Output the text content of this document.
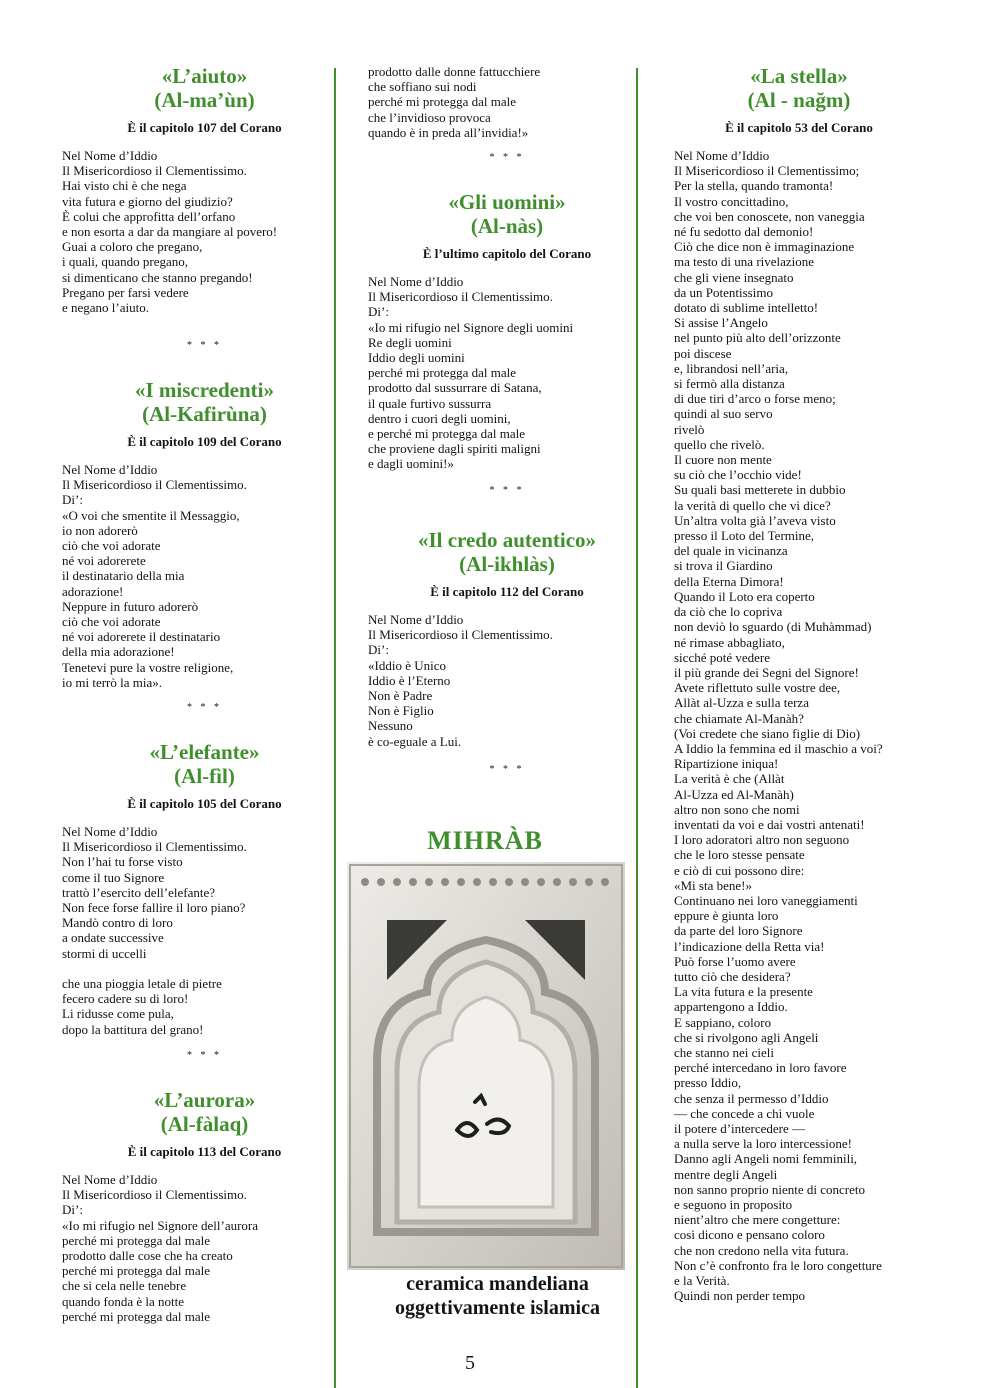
«L’aiuto»
(Al-ma’ùn)
È il capitolo 107 del Corano
Nel Nome d’Iddio
Il Misericordioso il Clementissimo.
Hai visto chi è che nega
vita futura e giorno del giudizio?
È colui che approfitta dell’orfano
e non esorta a dar da mangiare al povero!
Guai a coloro che pregano,
i quali, quando pregano,
si dimenticano che stanno pregando!
Pregano per farsi vedere
e negano l’aiuto.
* * *
«I miscredenti»
(Al-Kafirùna)
È il capitolo 109 del Corano
Nel Nome d’Iddio
Il Misericordioso il Clementissimo.
Di’:
«O voi che smentite il Messaggio,
io non adorerò
ciò che voi adorate
né voi adorerete
il destinatario della mia
adorazione!
Neppure in futuro adorerò
ciò che voi adorate
né voi adorerete il destinatario
della mia adorazione!
Tenetevi pure la vostre religione,
io mi terrò la mia».
* * *
«L’elefante»
(Al-fìl)
È il capitolo 105 del Corano
Nel Nome d’Iddio
Il Misericordioso il Clementissimo.
Non l’hai tu forse visto
come il tuo Signore
trattò l’esercito dell’elefante?
Non fece forse fallire il loro piano?
Mandò contro di loro
a ondate successive
stormi di uccelli
che una pioggia letale di pietre
fecero cadere su di loro!
Li ridusse come pula,
dopo la battitura del grano!
* * *
«L’aurora»
(Al-fàlaq)
È il capitolo 113 del Corano
Nel Nome d’Iddio
Il Misericordioso il Clementissimo.
Di’:
«Io mi rifugio nel Signore dell’aurora
perché mi protegga dal male
prodotto dalle cose che ha creato
perché mi protegga dal male
che si cela nelle tenebre
quando fonda è la notte
perché mi protegga dal male
prodotto dalle donne fattucchiere
che soffiano sui nodi
perché mi protegga dal male
che l’invidioso provoca
quando è in preda all’invidia!»
* * *
«Gli uomini»
(Al-nàs)
È l’ultimo capitolo del Corano
Nel Nome d’Iddio
Il Misericordioso il Clementissimo.
Di’:
«Io mi rifugio nel Signore degli uomini
Re degli uomini
Iddio degli uomini
perché mi protegga dal male
prodotto dal sussurrare di Satana,
il quale furtivo sussurra
dentro i cuori degli uomini,
e perché mi protegga dal male
che proviene dagli spiriti maligni
e dagli uomini!»
* * *
«Il credo autentico»
(Al-ikhlàs)
È il capitolo 112 del Corano
Nel Nome d’Iddio
Il Misericordioso il Clementissimo.
Di’:
«Iddio è Unico
Iddio è l’Eterno
Non è Padre
Non è Figlio
Nessuno
è co-eguale a Lui.
* * *
MIHRÀB
ceramica mandeliana
oggettivamente islamica
«La stella»
(Al - nağm)
È il capitolo 53 del Corano
Nel Nome d’Iddio
Il Misericordioso il Clementissimo;
Per la stella, quando tramonta!
Il vostro concittadino,
che voi ben conoscete, non vaneggia
né fu sedotto dal demonio!
Ciò che dice non è immaginazione
ma testo di una rivelazione
che gli viene insegnato
da un Potentissimo
dotato di sublime intelletto!
Si assise l’Angelo
nel punto più alto dell’orizzonte
poi discese
e, librandosi nell’aria,
si fermò alla distanza
di due tiri d’arco o forse meno;
quindi al suo servo
rivelò
quello che rivelò.
Il cuore non mente
su ciò che l’occhio vide!
Su quali basi metterete in dubbio
la verità di quello che vi dice?
Un’altra volta già l’aveva visto
presso il Loto del Termine,
del quale in vicinanza
si trova il Giardino
della Eterna Dimora!
Quando il Loto era coperto
da ciò che lo copriva
non deviò lo sguardo (di Muhàmmad)
né rimase abbagliato,
sicché poté vedere
il più grande dei Segni del Signore!
Avete riflettuto sulle vostre dee,
Allàt al-Uzza e sulla terza
che chiamate Al-Manàh?
(Voi credete che siano figlie di Dio)
A Iddio la femmina ed il maschio a voi?
Ripartizione iniqua!
La verità è che (Allàt
Al-Uzza ed Al-Manàh)
altro non sono che nomi
inventati da voi e dai vostri antenati!
I loro adoratori altro non seguono
che le loro stesse pensate
e ciò di cui possono dire:
«Mi sta bene!»
Continuano nei loro vaneggiamenti
eppure è giunta loro
da parte del loro Signore
l’indicazione della Retta via!
Può forse l’uomo avere
tutto ciò che desidera?
La vita futura e la presente
appartengono a Iddio.
E sappiano, coloro
che si rivolgono agli Angeli
che stanno nei cieli
perché intercedano in loro favore
presso Iddio,
che senza il permesso d’Iddio
— che concede a chi vuole
il potere d’intercedere —
a nulla serve la loro intercessione!
Danno agli Angeli nomi femminili,
mentre degli Angeli
non sanno proprio niente di concreto
e seguono in proposito
nient’altro che mere congetture:
così dicono e pensano coloro
che non credono nella vita futura.
Non c’è confronto fra le loro congetture
e la Verità.
Quindi non perder tempo
5
